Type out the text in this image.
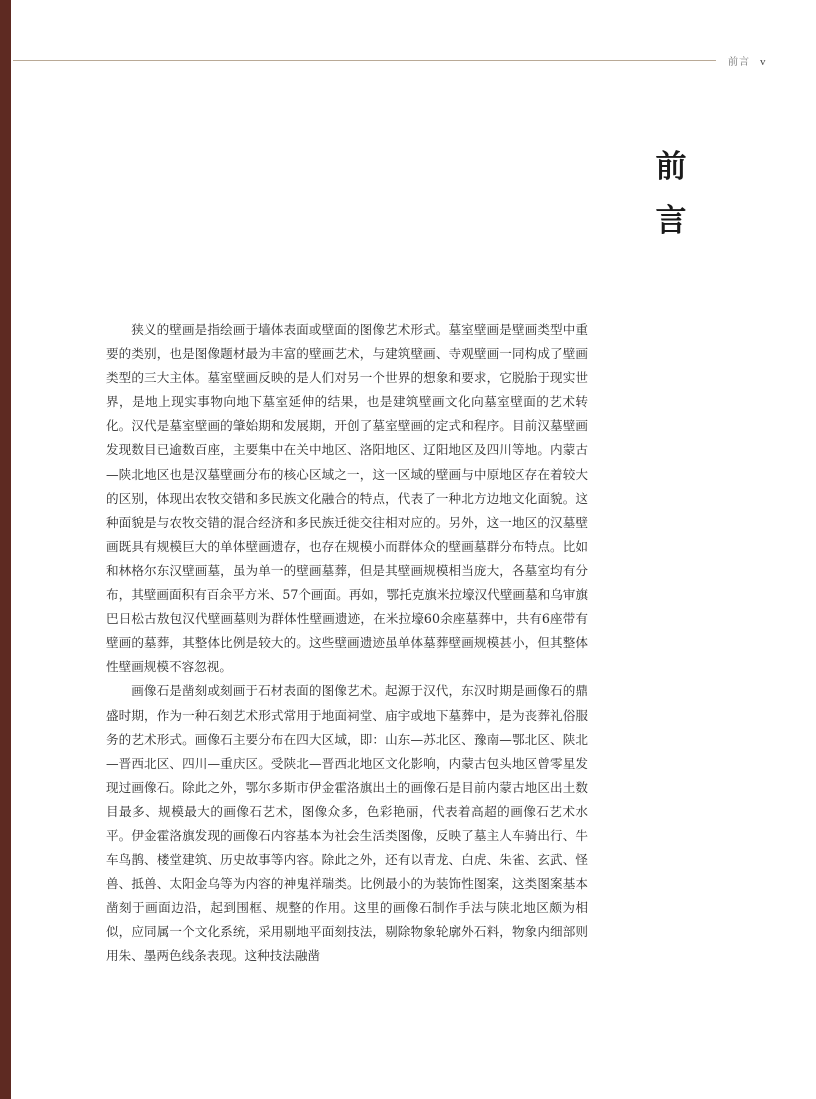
前言 v
前
言

狭义的壁画是指绘画于墙体表面或壁面的图像艺术形式。墓室壁画是壁画类型中重要的类别，也是图像题材最为丰富的壁画艺术，与建筑壁画、寺观壁画一同构成了壁画类型的三大主体。墓室壁画反映的是人们对另一个世界的想象和要求，它脱胎于现实世界，是地上现实事物向地下墓室延伸的结果，也是建筑壁画文化向墓室壁面的艺术转化。汉代是墓室壁画的肇始期和发展期，开创了墓室壁画的定式和程序。目前汉墓壁画发现数目已逾数百座，主要集中在关中地区、洛阳地区、辽阳地区及四川等地。内蒙古—陕北地区也是汉墓壁画分布的核心区域之一，这一区域的壁画与中原地区存在着较大的区别，体现出农牧交错和多民族文化融合的特点，代表了一种北方边地文化面貌。这种面貌是与农牧交错的混合经济和多民族迁徙交往相对应的。另外，这一地区的汉墓壁画既具有规模巨大的单体壁画遗存，也存在规模小而群体众的壁画墓群分布特点。比如和林格尔东汉壁画墓，虽为单一的壁画墓葬，但是其壁画规模相当庞大，各墓室均有分布，其壁画面积有百余平方米、57个画面。再如，鄂托克旗米拉壕汉代壁画墓和乌审旗巴日松古敖包汉代壁画墓则为群体性壁画遗迹，在米拉壕60余座墓葬中，共有6座带有壁画的墓葬，其整体比例是较大的。这些壁画遗迹虽单体墓葬壁画规模甚小，但其整体性壁画规模不容忽视。

画像石是凿刻或刻画于石材表面的图像艺术。起源于汉代，东汉时期是画像石的鼎盛时期，作为一种石刻艺术形式常用于地面祠堂、庙宇或地下墓葬中，是为丧葬礼俗服务的艺术形式。画像石主要分布在四大区域，即：山东—苏北区、豫南—鄂北区、陕北—晋西北区、四川—重庆区。受陕北—晋西北地区文化影响，内蒙古包头地区曾零星发现过画像石。除此之外，鄂尔多斯市伊金霍洛旗出土的画像石是目前内蒙古地区出土数目最多、规模最大的画像石艺术，图像众多，色彩艳丽，代表着高超的画像石艺术水平。伊金霍洛旗发现的画像石内容基本为社会生活类图像，反映了墓主人车骑出行、牛车鸟鹊、楼堂建筑、历史故事等内容。除此之外，还有以青龙、白虎、朱雀、玄武、怪兽、抵兽、太阳金乌等为内容的神鬼祥瑞类。比例最小的为装饰性图案，这类图案基本凿刻于画面边沿，起到围框、规整的作用。这里的画像石制作手法与陕北地区颇为相似，应同属一个文化系统，采用剔地平面刻技法，剔除物象轮廓外石料，物象内细部则用朱、墨两色线条表现。这种技法融凿
